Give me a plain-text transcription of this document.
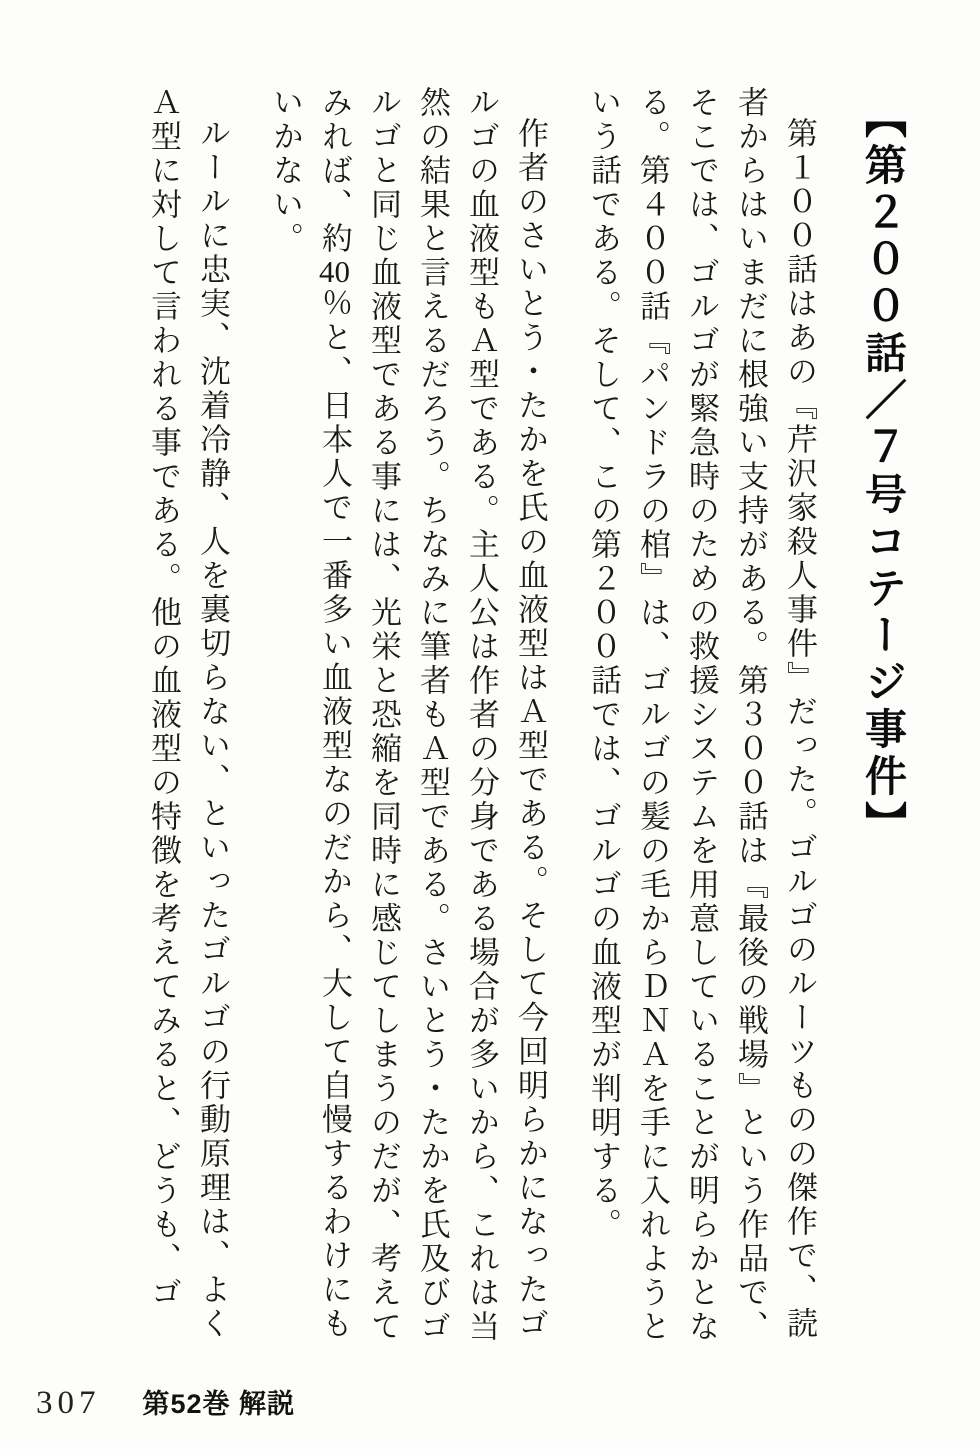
【第２００話／７号コテージ事件】

第１００話はあの『芹沢家殺人事件』だった。ゴルゴのルーツものの傑作で、読者からはいまだに根強い支持がある。第３００話は『最後の戦場』という作品で、そこでは、ゴルゴが緊急時のための救援システムを用意していることが明らかとなる。第４００話『パンドラの棺』は、ゴルゴの髪の毛からＤＮＡを手に入れようという話である。そして、この第２００話では、ゴルゴの血液型が判明する。

作者のさいとう・たかを氏の血液型はＡ型である。そして今回明らかになったゴルゴの血液型もＡ型である。主人公は作者の分身である場合が多いから、これは当然の結果と言えるだろう。ちなみに筆者もＡ型である。さいとう・たかを氏及びゴルゴと同じ血液型である事には、光栄と恐縮を同時に感じてしまうのだが、考えてみれば、約40％と、日本人で一番多い血液型なのだから、大して自慢するわけにもいかない。

ルールに忠実、沈着冷静、人を裏切らない、といったゴルゴの行動原理は、よくＡ型に対して言われる事である。他の血液型の特徴を考えてみると、どうも、ゴ

307 第52巻 解説
